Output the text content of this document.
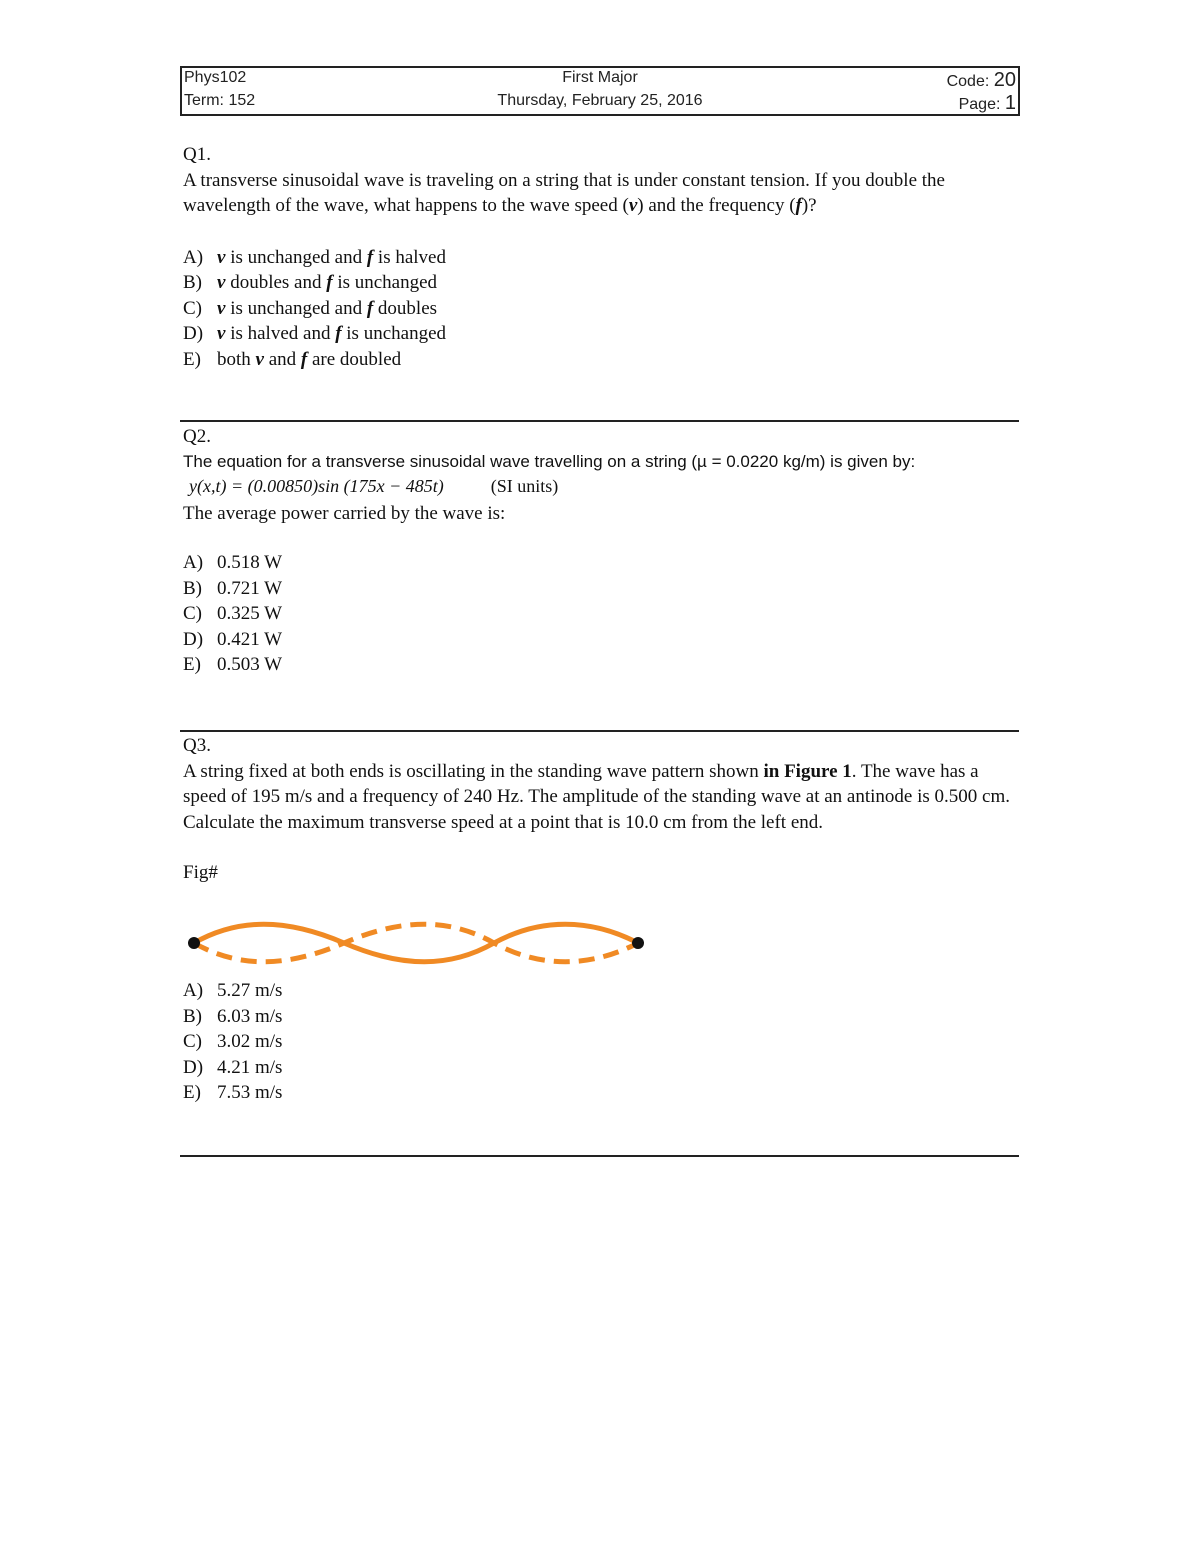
Phys102	First Major	Code: 20
Term: 152	Thursday, February 25, 2016	Page: 1
Q1.
A transverse sinusoidal wave is traveling on a string that is under constant tension. If you double the wavelength of the wave, what happens to the wave speed (v) and the frequency (f)?
A) v is unchanged and f is halved
B) v doubles and f is unchanged
C) v is unchanged and f doubles
D) v is halved and f is unchanged
E) both v and f are doubled
Q2.
The equation for a transverse sinusoidal wave travelling on a string (µ = 0.0220 kg/m) is given by:
y(x,t) = (0.00850)sin (175x − 485t)	(SI units)
The average power carried by the wave is:
A) 0.518 W
B) 0.721 W
C) 0.325 W
D) 0.421 W
E) 0.503 W
Q3.
A string fixed at both ends is oscillating in the standing wave pattern shown in Figure 1. The wave has a speed of 195 m/s and a frequency of 240 Hz. The amplitude of the standing wave at an antinode is 0.500 cm. Calculate the maximum transverse speed at a point that is 10.0 cm from the left end.
Fig#
A) 5.27 m/s
B) 6.03 m/s
C) 3.02 m/s
D) 4.21 m/s
E) 7.53 m/s
